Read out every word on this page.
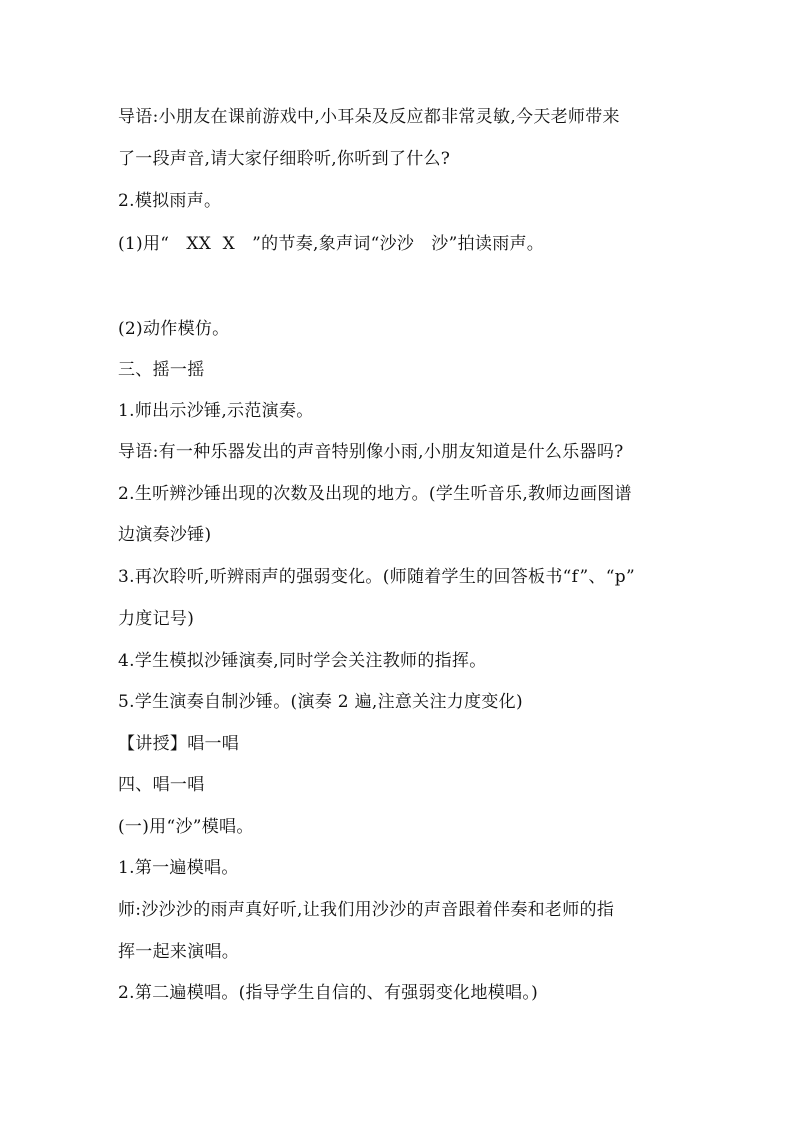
导语:小朋友在课前游戏中,小耳朵及反应都非常灵敏,今天老师带来
了一段声音,请大家仔细聆听,你听到了什么?
2.模拟雨声。
(1)用“   XX  X   ”的节奏,象声词“沙沙   沙”拍读雨声。
(2)动作模仿。
三、摇一摇
1.师出示沙锤,示范演奏。
导语:有一种乐器发出的声音特别像小雨,小朋友知道是什么乐器吗?
2.生听辨沙锤出现的次数及出现的地方。(学生听音乐,教师边画图谱
边演奏沙锤)
3.再次聆听,听辨雨声的强弱变化。(师随着学生的回答板书“f”、“p”
力度记号)
4.学生模拟沙锤演奏,同时学会关注教师的指挥。
5.学生演奏自制沙锤。(演奏 2 遍,注意关注力度变化)
【讲授】唱一唱
四、唱一唱
(一)用“沙”模唱。
1.第一遍模唱。
师:沙沙沙的雨声真好听,让我们用沙沙的声音跟着伴奏和老师的指
挥一起来演唱。
2.第二遍模唱。(指导学生自信的、有强弱变化地模唱。)
